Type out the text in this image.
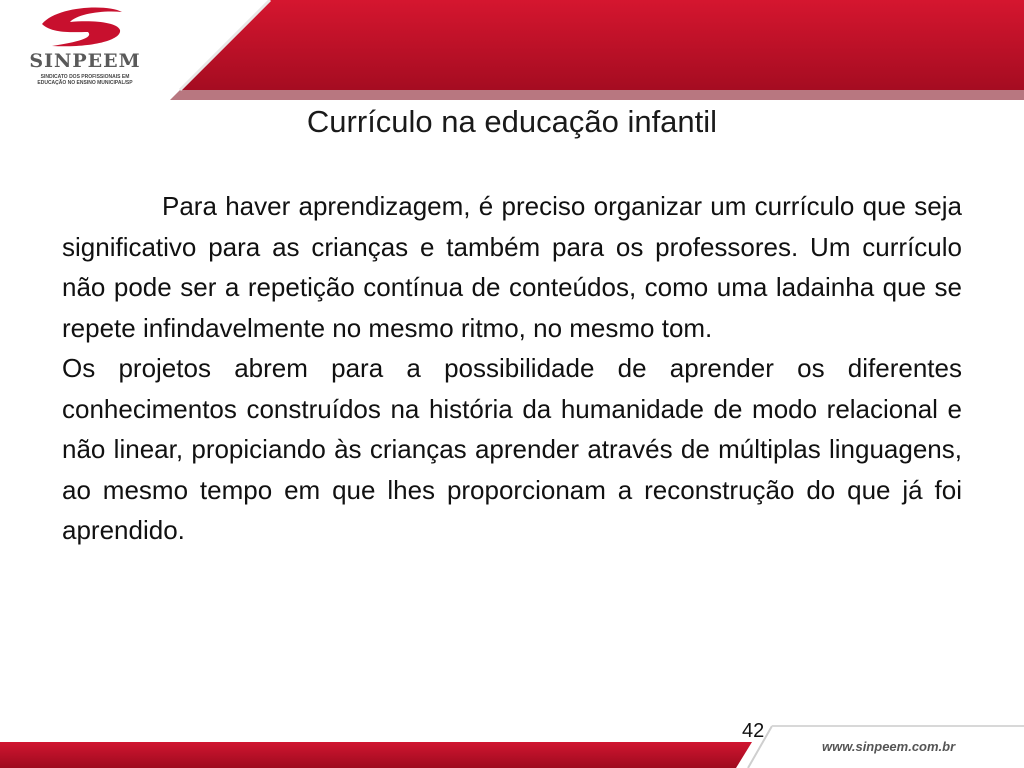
SINPEEM
SINDICATO DOS PROFISSIONAIS EM
EDUCAÇÃO NO ENSINO MUNICIPAL/SP
Currículo na educação infantil

Para haver aprendizagem, é preciso organizar um currículo que seja significativo para as crianças e também para os professores. Um currículo não pode ser a repetição contínua de conteúdos, como uma ladainha que se repete infindavelmente no mesmo ritmo, no mesmo tom.

Os projetos abrem para a possibilidade de aprender os diferentes conhecimentos construídos na história da humanidade de modo relacional e não linear, propiciando às crianças aprender através de múltiplas linguagens, ao mesmo tempo em que lhes proporcionam a reconstrução do que já foi aprendido.

42
www.sinpeem.com.br
